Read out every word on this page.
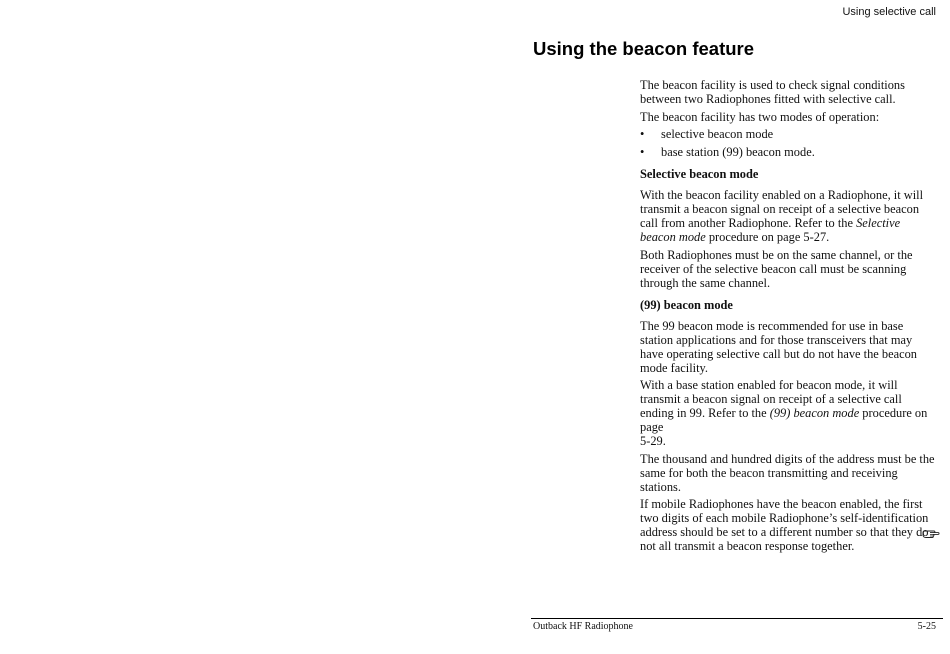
Using selective call
Using the beacon feature

The beacon facility is used to check signal conditions between two Radiophones fitted with selective call.

The beacon facility has two modes of operation:

• selective beacon mode
• base station (99) beacon mode.

Selective beacon mode

With the beacon facility enabled on a Radiophone, it will transmit a beacon signal on receipt of a selective beacon call from another Radiophone. Refer to the Selective beacon mode procedure on page 5-27.

Both Radiophones must be on the same channel, or the receiver of the selective beacon call must be scanning through the same channel.

(99) beacon mode

The 99 beacon mode is recommended for use in base station applications and for those transceivers that may have operating selective call but do not have the beacon mode facility.

With a base station enabled for beacon mode, it will transmit a beacon signal on receipt of a selective call ending in 99. Refer to the (99) beacon mode procedure on page
5-29.

The thousand and hundred digits of the address must be the same for both the beacon transmitting and receiving stations.

If mobile Radiophones have the beacon enabled, the first two digits of each mobile Radiophone’s self-identification address should be set to a different number so that they do not all transmit a beacon response together.

Outback HF Radiophone	5-25
